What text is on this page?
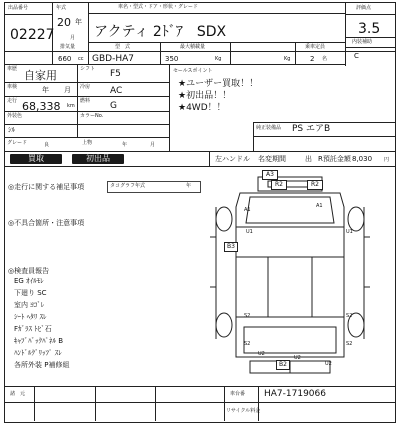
出品番号
02227
年式
20 年
月
車名・型式・ドア・形状・グレード
アクティ 2ﾄﾞｱ　SDX
評価点
3.5
内装補助
C
排気量
660 cc
型　式
GBD-HA7
最大積載量
350	Kg	Kg
乗車定員
2 名
車歴 自家用	シフト F5
車検	年 月 冷房 AC
走行 68,338 km
燃料 G
外装色
ｼﾙ
カラーNo.
グレード	良	上物	年	月
セールスポイント
★ユーザー買取！！
★初出品！！
★4WD！！
純正装備品 PS エアB
買取	初出品	左ハンドル 名変期間	出 R預託金額 8,030 円
◎走行に関する補足事項	タコグラフ年式	年
◎不具合箇所・注意事項
◎検査員報告
EG ｵｲﾙﾓﾚ
下廻り SC
室内 ﾖｺﾞﾚ
ｼｰﾄ ﾍﾀﾘ ｽﾚ
Fｶﾞﾗｽ ﾄﾋﾞ石
ｷｬﾌﾞﾊﾞｯｸﾊﾟﾈﾙ B
ﾊﾝﾄﾞﾙｸﾞﾘｯﾌﾟ ｽﾚ
各所外装 P補修組
A3
R2	R2
A1
A1
U1	U1
B3
S2	S2
S2	S2
U2
U2
B2	U2
諸　元	車台番 HA7-1719066
リサイクル料金
